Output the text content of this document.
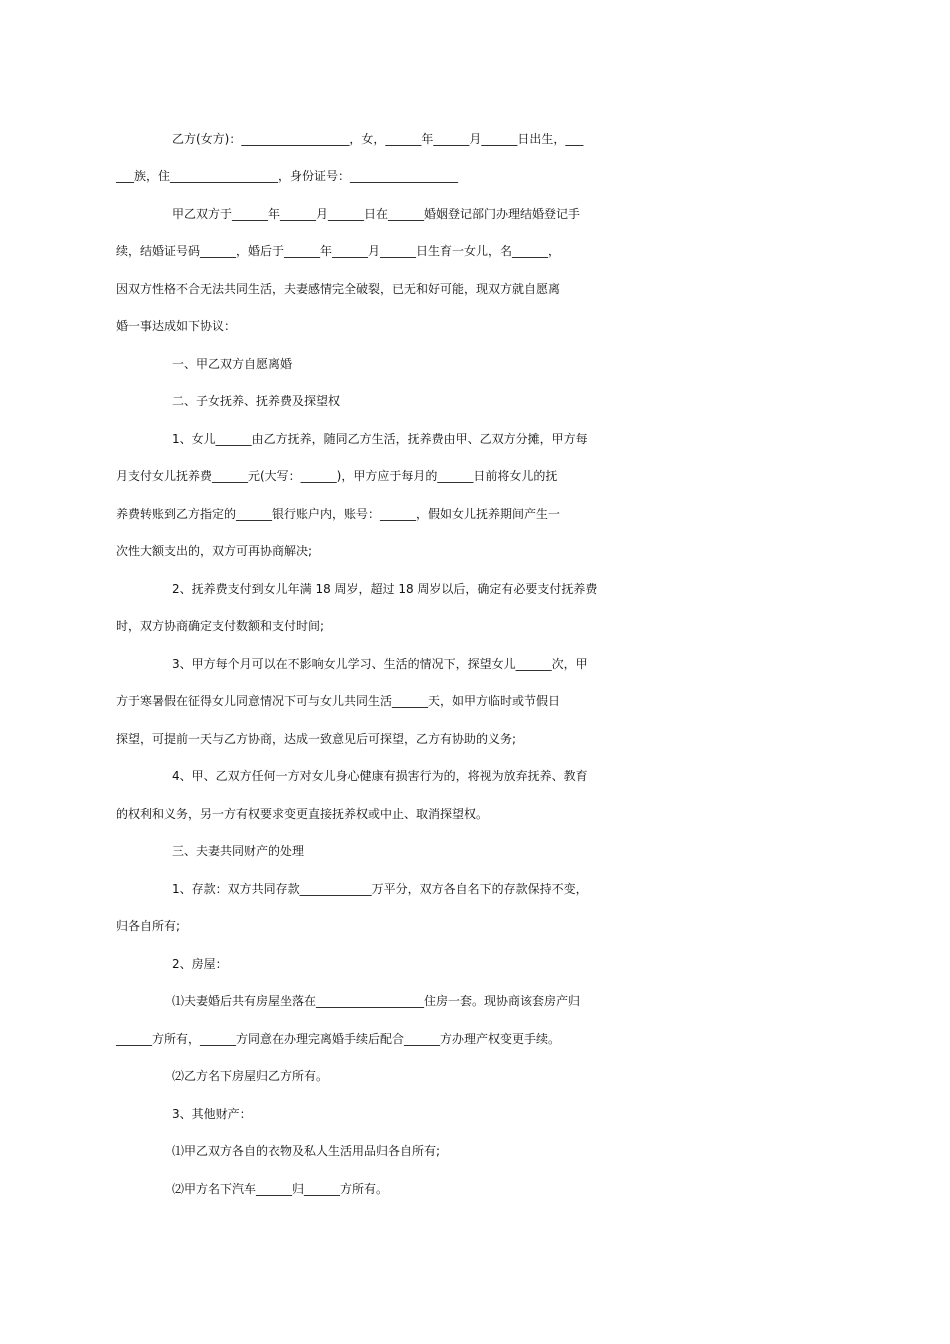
乙方(女方)：__________________，女，______年______月______日出生，___
___族，住__________________，身份证号：__________________
甲乙双方于______年______月______日在______婚姻登记部门办理结婚登记手
续，结婚证号码______，婚后于______年______月______日生育一女儿，名______，
因双方性格不合无法共同生活，夫妻感情完全破裂，已无和好可能，现双方就自愿离
婚一事达成如下协议：
一、甲乙双方自愿离婚
二、子女抚养、抚养费及探望权
1、女儿______由乙方抚养，随同乙方生活，抚养费由甲、乙双方分摊，甲方每
月支付女儿抚养费______元(大写：______)，甲方应于每月的______日前将女儿的抚
养费转账到乙方指定的______银行账户内，账号：______，假如女儿抚养期间产生一
次性大额支出的，双方可再协商解决;
2、抚养费支付到女儿年满 18 周岁，超过 18 周岁以后，确定有必要支付抚养费
时，双方协商确定支付数额和支付时间;
3、甲方每个月可以在不影响女儿学习、生活的情况下，探望女儿______次，甲
方于寒暑假在征得女儿同意情况下可与女儿共同生活______天，如甲方临时或节假日
探望，可提前一天与乙方协商，达成一致意见后可探望，乙方有协助的义务;
4、甲、乙双方任何一方对女儿身心健康有损害行为的，将视为放弃抚养、教育
的权利和义务，另一方有权要求变更直接抚养权或中止、取消探望权。
三、夫妻共同财产的处理
1、存款：双方共同存款____________万平分，双方各自名下的存款保持不变，
归各自所有;
2、房屋：
⑴夫妻婚后共有房屋坐落在__________________住房一套。现协商该套房产归
______方所有，______方同意在办理完离婚手续后配合______方办理产权变更手续。
⑵乙方名下房屋归乙方所有。
3、其他财产：
⑴甲乙双方各自的衣物及私人生活用品归各自所有;
⑵甲方名下汽车______归______方所有。
